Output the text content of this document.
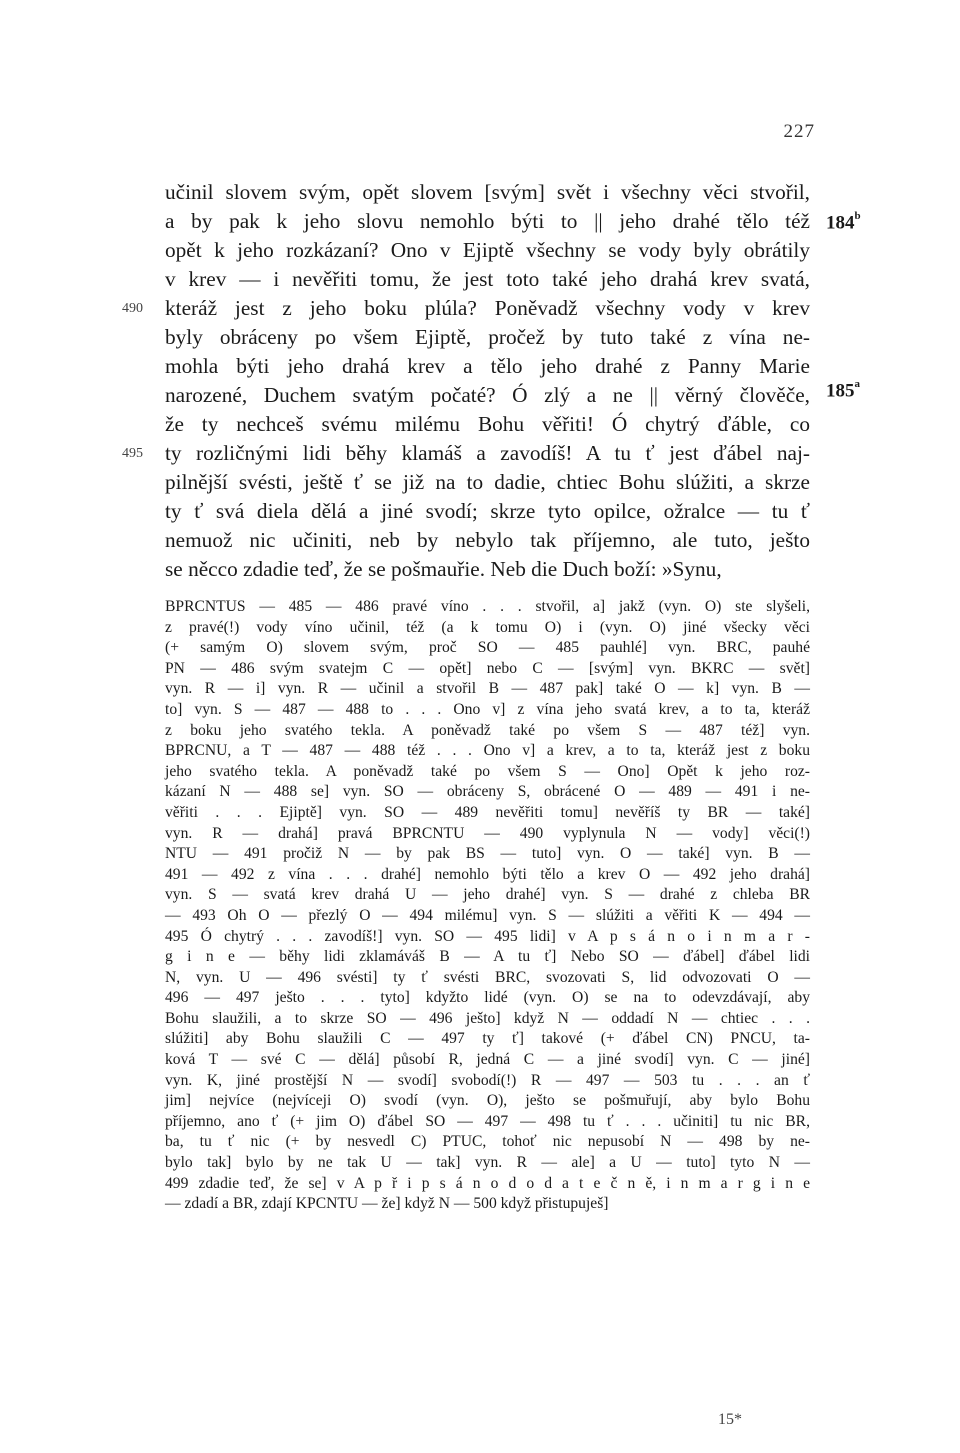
227
učinil slovem svým, opět slovem [svým] svět i všechny věci stvořil,
a by pak k jeho slovu nemohlo býti to || jeho drahé tělo též
opět k jeho rozkázaní? Ono v Ejiptě všechny se vody byly obrátily
v krev — i nevěřiti tomu, že jest toto také jeho drahá krev svatá,
kteráž jest z jeho boku plúla? Poněvadž všechny vody v krev
490
byly obráceny po všem Ejiptě, pročež by tuto také z vína ne-
mohla býti jeho drahá krev a tělo jeho drahé z Panny Marie
narozené, Duchem svatým počaté? Ó zlý a ne || věrný člověče,
že ty nechceš svému milému Bohu věřiti! Ó chytrý ďáble, co
ty rozličnými lidi běhy klamáš a zavodíš! A tu ť jest ďábel naj-
495
pilnější svésti, ještě ť se již na to dadie, chtiec Bohu slúžiti, a skrze
ty ť svá diela dělá a jiné svodí; skrze tyto opilce, ožralce — tu ť
nemuož nic učiniti, neb by nebylo tak příjemno, ale tuto, ješto
se něcco zdadie teď, že se pošmauřie. Neb die Duch boží: »Synu,
184$^b$
185$^a$
BPRCNTUS — 485 — 486 pravé víno . . . stvořil, a] jakž (vyn. O) ste slyšeli,
z pravé(!) vody víno učinil, též (a k tomu O) i (vyn. O) jiné všecky věci
(+ samým O) slovem svým, proč SO — 485 pauhlé] vyn. BRC, pauhé
PN — 486 svým svatejm C — opět] nebo C — [svým] vyn. BKRC — svět]
vyn. R — i] vyn. R — učinil a stvořil B — 487 pak] také O — k] vyn. B —
to] vyn. S — 487 — 488 to . . . Ono v] z vína jeho svatá krev, a to ta, kteráž
z boku jeho svatého tekla. A poněvadž také po všem S — 487 též] vyn.
BPRCNU, a T — 487 — 488 též . . . Ono v] a krev, a to ta, kteráž jest z boku
jeho svatého tekla. A poněvadž také po všem S — Ono] Opět k jeho roz-
kázaní N — 488 se] vyn. SO — obráceny S, obrácené O — 489 — 491 i ne-
věřiti . . . Ejiptě] vyn. SO — 489 nevěřiti tomu] nevěříš ty BR — také]
vyn. R — drahá] pravá BPRCNTU — 490 vyplynula N — vody] věci(!)
NTU — 491 pročiž N — by pak BS — tuto] vyn. O — také] vyn. B —
491 — 492 z vína . . . drahé] nemohlo býti tělo a krev O — 492 jeho drahá]
vyn. S — svatá krev drahá U — jeho drahé] vyn. S — drahé z chleba BR
— 493 Oh O — přezlý O — 494 milému] vyn. S — slúžiti a věřiti K — 494 —
495 Ó chytrý . . . zavodíš!] vyn. SO — 495 lidi] v A p s á n o i n m a r -
g i n e — běhy lidi zklamáváš B — A tu ť] Nebo SO — ďábel] ďábel lidi
N, vyn. U — 496 svésti] ty ť svésti BRC, svozovati S, lid odvozovati O —
496 — 497 ješto . . . tyto] kdyžto lidé (vyn. O) se na to odevzdávají, aby
Bohu slaužili, a to skrze SO — 496 ješto] když N — oddadí N — chtiec . . .
slúžiti] aby Bohu slaužili C — 497 ty ť] takové (+ ďábel CN) PNCU, ta-
ková T — své C — dělá] působí R, jedná C — a jiné svodí] vyn. C — jiné]
vyn. K, jiné prostější N — svodí] svobodí(!) R — 497 — 503 tu . . . an ť
jim] nejvíce (nejvíceji O) svodí (vyn. O), ješto se pošmuřují, aby bylo Bohu
příjemno, ano ť (+ jim O) ďábel SO — 497 — 498 tu ť . . . učiniti] tu nic BR,
ba, tu ť nic (+ by nesvedl C) PTUC, tohoť nic nepusobí N — 498 by ne-
bylo tak] bylo by ne tak U — tak] vyn. R — ale] a U — tuto] tyto N —
499 zdadie teď, že se] v A p ř i p s á n o d o d a t e č n ě, i n m a r g i n e
— zdadí a BR, zdají KPCNTU — že] když N — 500 když přistupuješ]
15*
